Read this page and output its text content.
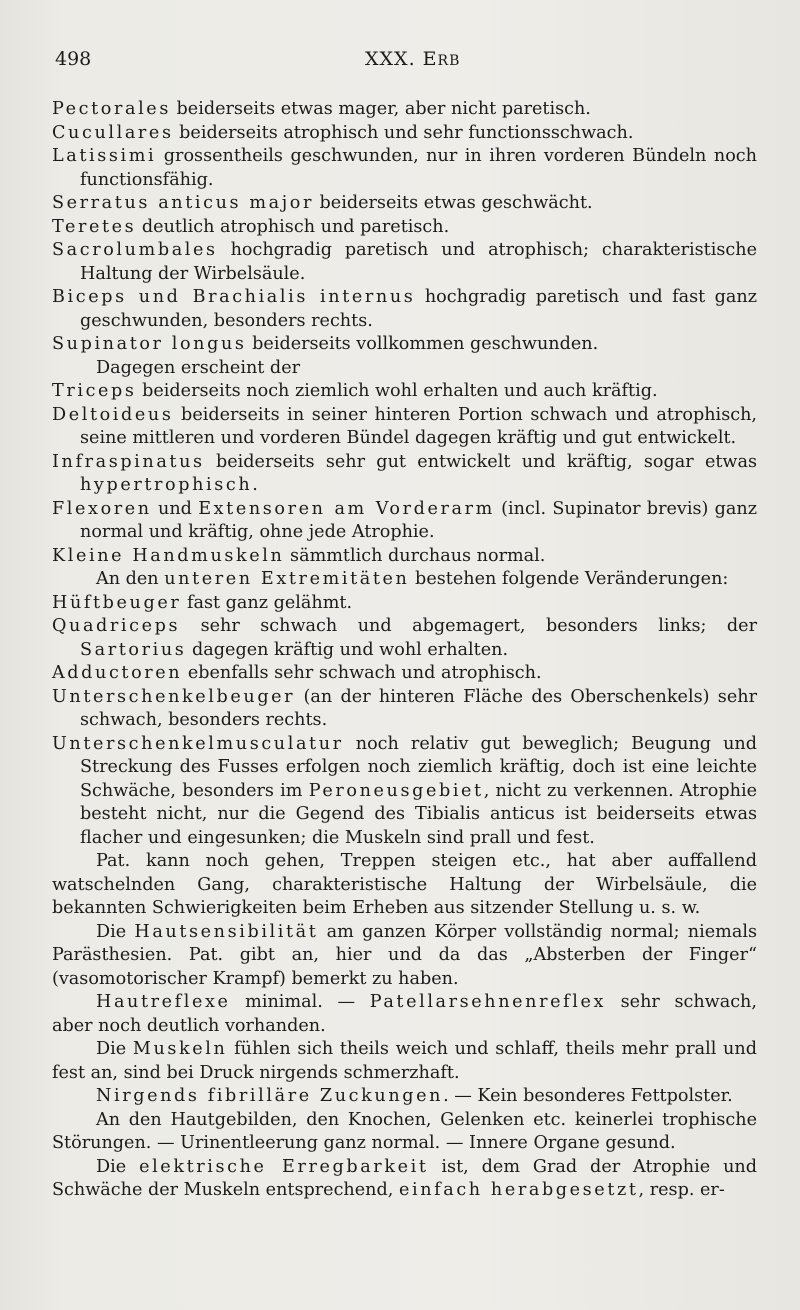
498	XXX. ERB

Pectorales beiderseits etwas mager, aber nicht paretisch.

Cucullares beiderseits atrophisch und sehr functionsschwach.

Latissimi grossentheils geschwunden, nur in ihren vorderen Bündeln noch functionsfähig.

Serratus anticus major beiderseits etwas geschwächt.

Teretes deutlich atrophisch und paretisch.

Sacrolumbales hochgradig paretisch und atrophisch; charakteristische Haltung der Wirbelsäule.

Biceps und Brachialis internus hochgradig paretisch und fast ganz geschwunden, besonders rechts.

Supinator longus beiderseits vollkommen geschwunden.

Dagegen erscheint der

Triceps beiderseits noch ziemlich wohl erhalten und auch kräftig.

Deltoideus beiderseits in seiner hinteren Portion schwach und atrophisch, seine mittleren und vorderen Bündel dagegen kräftig und gut entwickelt.

Infraspinatus beiderseits sehr gut entwickelt und kräftig, sogar etwas hypertrophisch.

Flexoren und Extensoren am Vorderarm (incl. Supinator brevis) ganz normal und kräftig, ohne jede Atrophie.

Kleine Handmuskeln sämmtlich durchaus normal.

An den unteren Extremitäten bestehen folgende Veränderungen:

Hüftbeuger fast ganz gelähmt.

Quadriceps sehr schwach und abgemagert, besonders links; der Sartorius dagegen kräftig und wohl erhalten.

Adductoren ebenfalls sehr schwach und atrophisch.

Unterschenkelbeuger (an der hinteren Fläche des Oberschenkels) sehr schwach, besonders rechts.

Unterschenkelmusculatur noch relativ gut beweglich; Beugung und Streckung des Fusses erfolgen noch ziemlich kräftig, doch ist eine leichte Schwäche, besonders im Peroneusgebiet, nicht zu verkennen. Atrophie besteht nicht, nur die Gegend des Tibialis anticus ist beiderseits etwas flacher und eingesunken; die Muskeln sind prall und fest.

Pat. kann noch gehen, Treppen steigen etc., hat aber auffallend watschelnden Gang, charakteristische Haltung der Wirbelsäule, die bekannten Schwierigkeiten beim Erheben aus sitzender Stellung u. s. w.

Die Hautsensibilität am ganzen Körper vollständig normal; niemals Parästhesien. Pat. gibt an, hier und da das „Absterben der Finger“ (vasomotorischer Krampf) bemerkt zu haben.

Hautreflexe minimal. — Patellarsehnenreflex sehr schwach, aber noch deutlich vorhanden.

Die Muskeln fühlen sich theils weich und schlaff, theils mehr prall und fest an, sind bei Druck nirgends schmerzhaft.

Nirgends fibrilläre Zuckungen. — Kein besonderes Fettpolster.

An den Hautgebilden, den Knochen, Gelenken etc. keinerlei trophische Störungen. — Urinentleerung ganz normal. — Innere Organe gesund.

Die elektrische Erregbarkeit ist, dem Grad der Atrophie und Schwäche der Muskeln entsprechend, einfach herabgesetzt, resp. er-
